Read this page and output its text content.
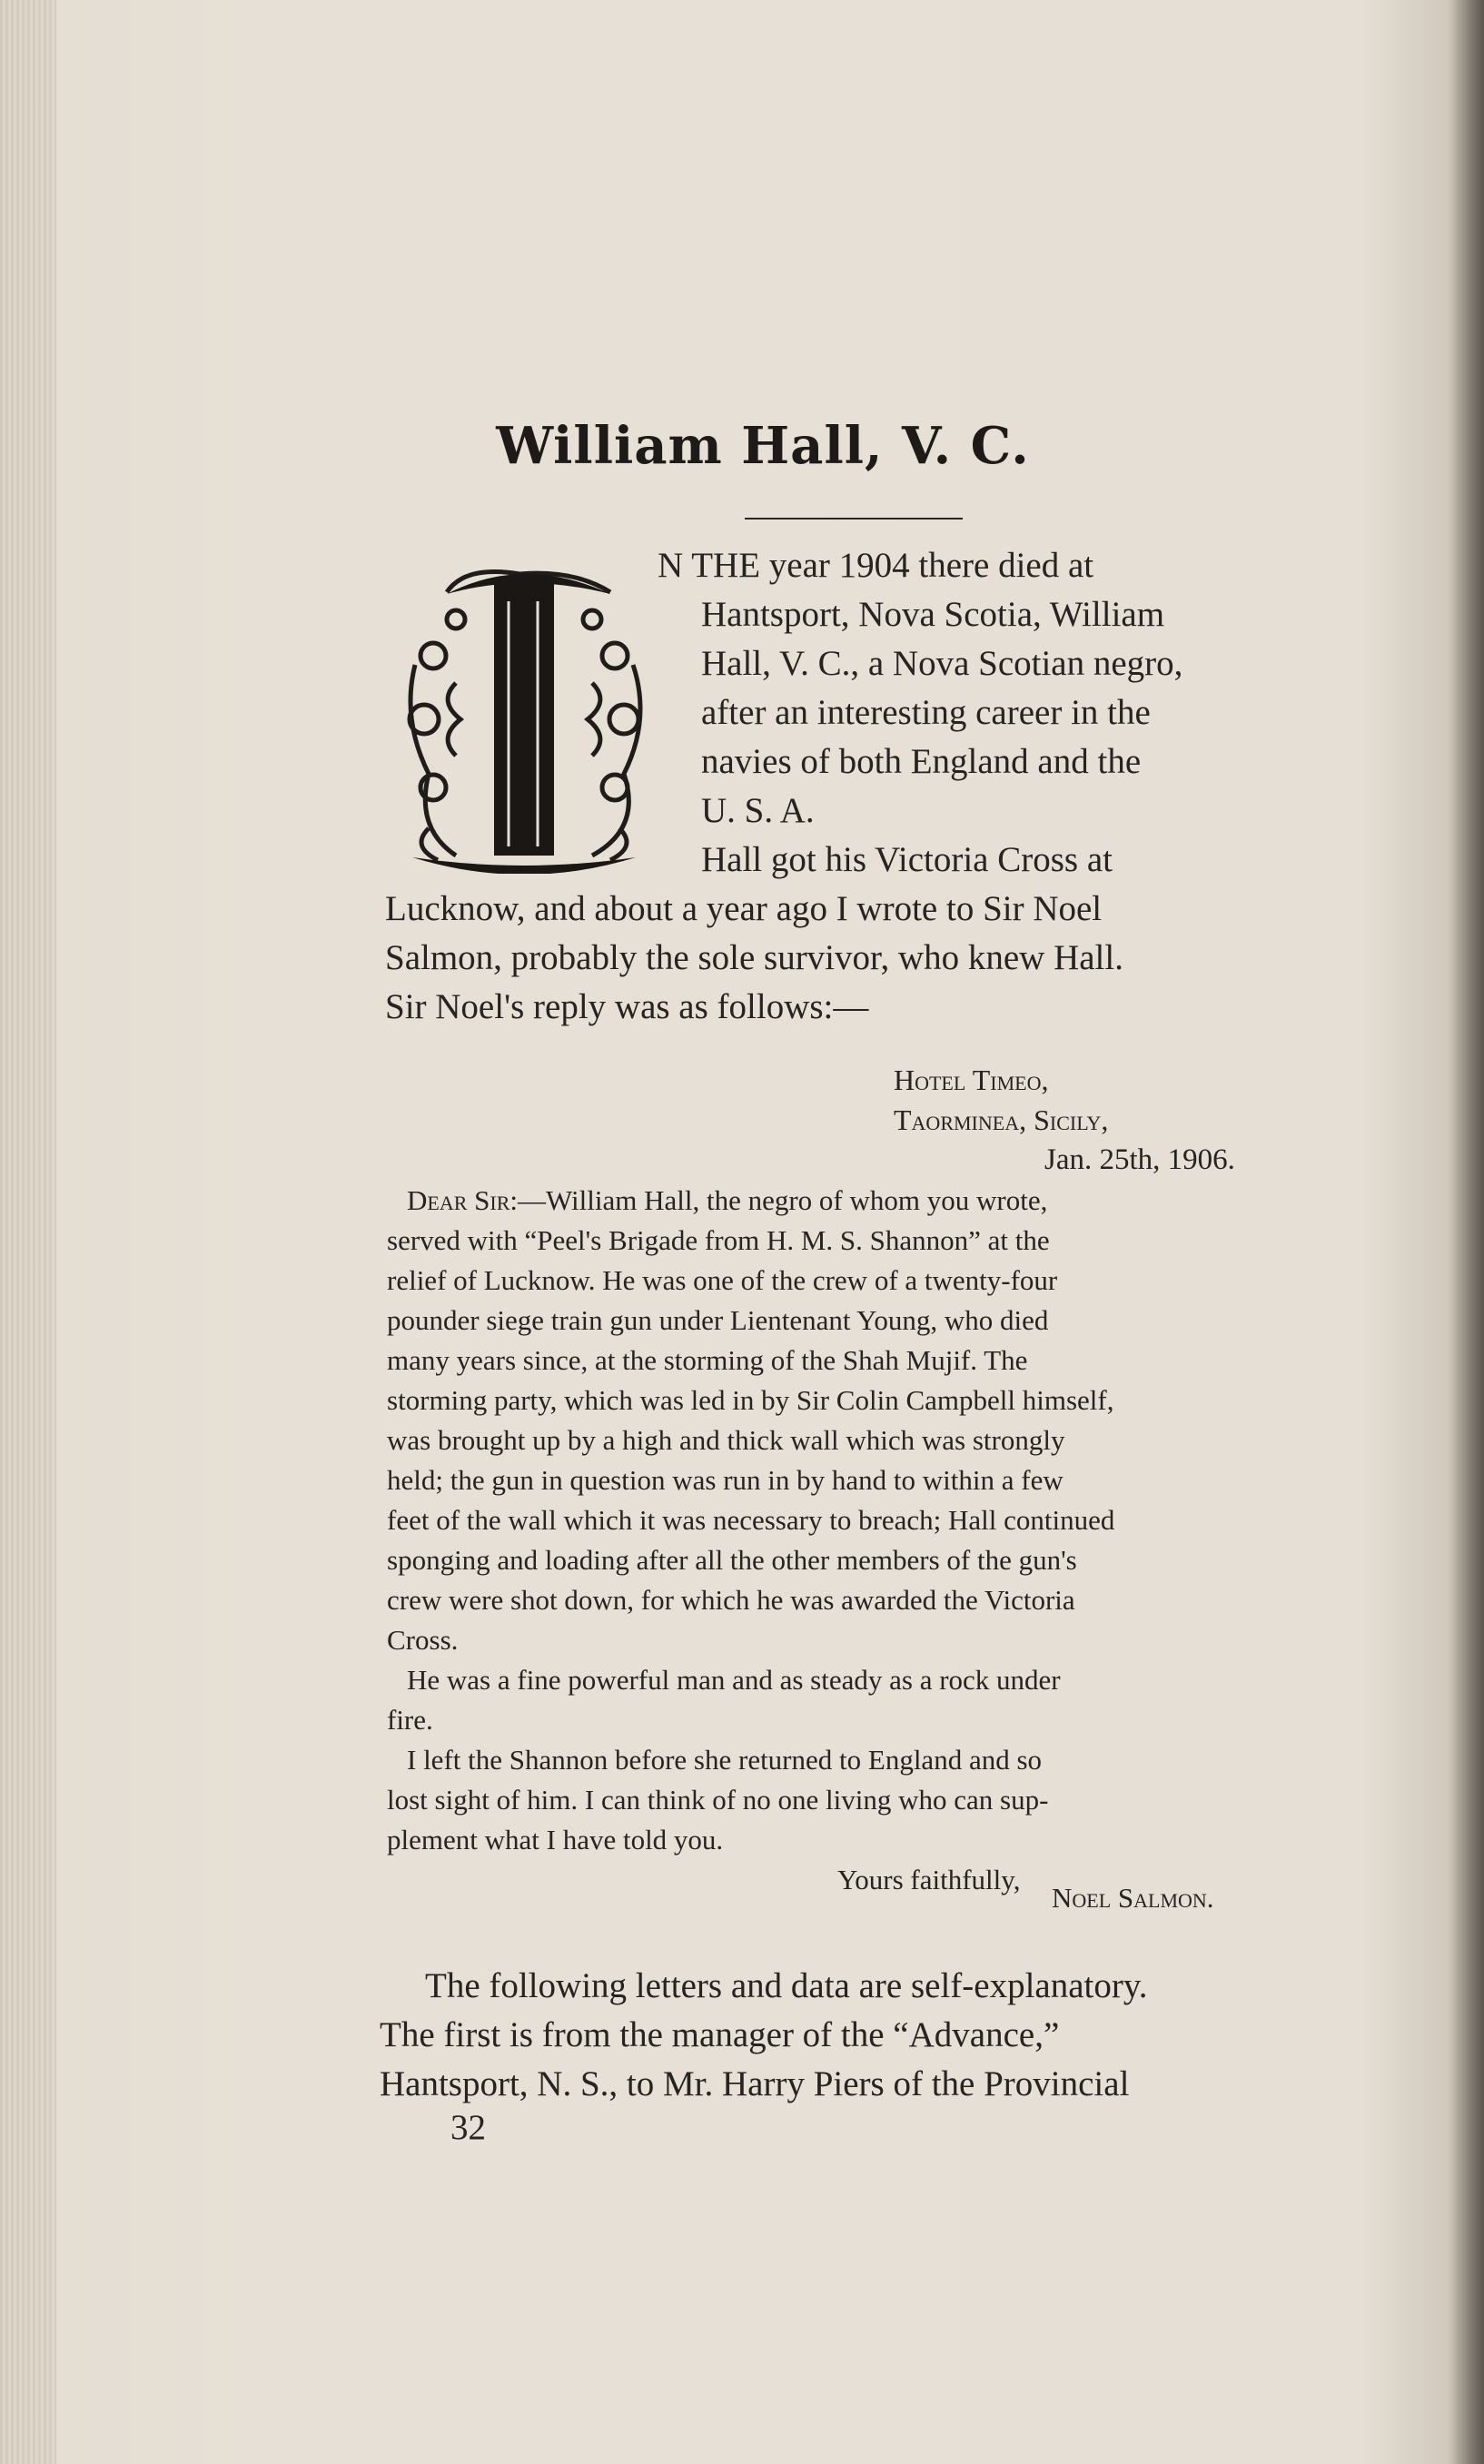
William Hall, V. C.
N THE year 1904 there died at
Hantsport, Nova Scotia, William
Hall, V. C., a Nova Scotian negro,
after an interesting career in the
navies of both England and the
U. S. A.
Hall got his Victoria Cross at
Lucknow, and about a year ago I wrote to Sir Noel
Salmon, probably the sole survivor, who knew Hall.
Sir Noel's reply was as follows:—
Hotel Timeo,
Taorminea, Sicily,
Jan. 25th, 1906.
Dear Sir:—William Hall, the negro of whom you wrote,
served with “Peel's Brigade from H. M. S. Shannon” at the
relief of Lucknow. He was one of the crew of a twenty-four
pounder siege train gun under Lientenant Young, who died
many years since, at the storming of the Shah Mujif. The
storming party, which was led in by Sir Colin Campbell himself,
was brought up by a high and thick wall which was strongly
held; the gun in question was run in by hand to within a few
feet of the wall which it was necessary to breach; Hall continued
sponging and loading after all the other members of the gun's
crew were shot down, for which he was awarded the Victoria
Cross.
He was a fine powerful man and as steady as a rock under
fire.
I left the Shannon before she returned to England and so
lost sight of him. I can think of no one living who can sup-
plement what I have told you.
Yours faithfully,
Noel Salmon.
The following letters and data are self-explanatory.
The first is from the manager of the “Advance,”
Hantsport, N. S., to Mr. Harry Piers of the Provincial
32
